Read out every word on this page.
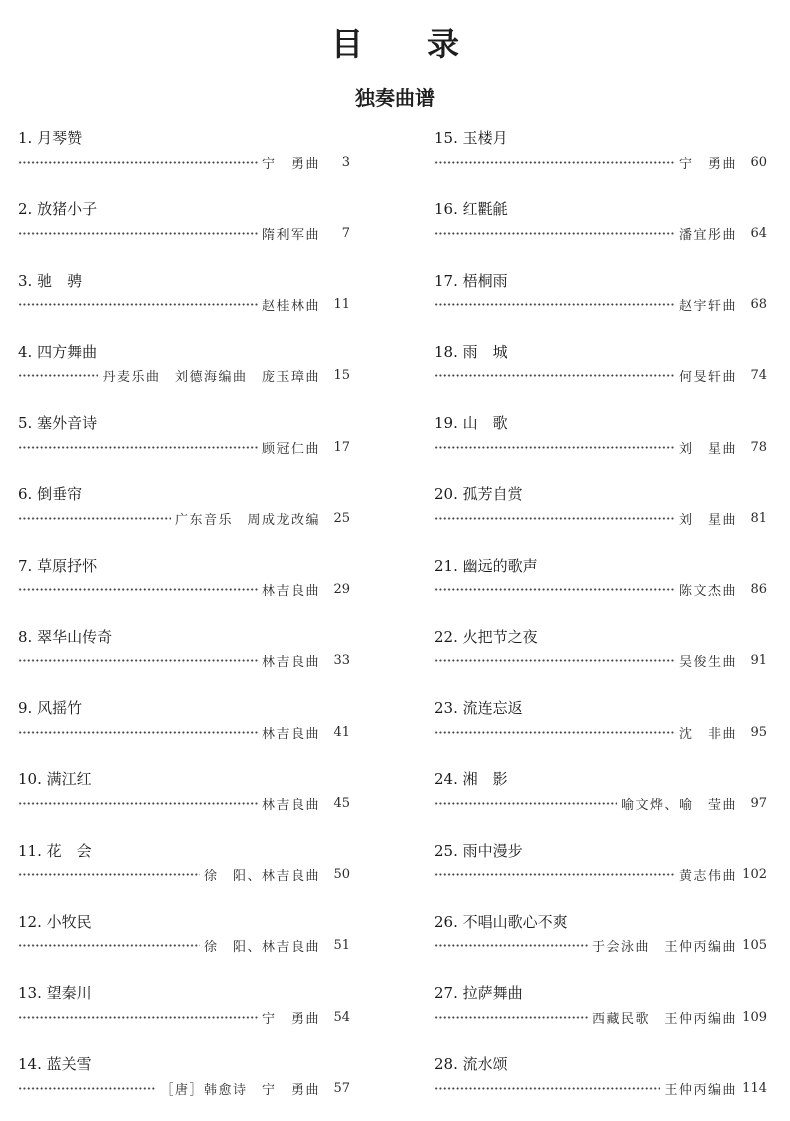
目　录
独奏曲谱
1. 月琴赞
宁　勇曲	3
2. 放猪小子
隋利军曲	7
3. 驰　骋
赵桂林曲	11
4. 四方舞曲
丹麦乐曲　刘德海编曲　庞玉璋曲	15
5. 塞外音诗
顾冠仁曲	17
6. 倒垂帘
广东音乐　周成龙改编	25
7. 草原抒怀
林吉良曲	29
8. 翠华山传奇
林吉良曲	33
9. 风摇竹
林吉良曲	41
10. 满江红
林吉良曲	45
11. 花　会
徐　阳、林吉良曲	50
12. 小牧民
徐　阳、林吉良曲	51
13. 望秦川
宁　勇曲	54
14. 蓝关雪
［唐］韩愈诗　宁　勇曲	57
15. 玉楼月
宁　勇曲	60
16. 红氍毹
潘宜彤曲	64
17. 梧桐雨
赵宇轩曲	68
18. 雨　城
何旻轩曲	74
19. 山　歌
刘　星曲	78
20. 孤芳自赏
刘　星曲	81
21. 幽远的歌声
陈文杰曲	86
22. 火把节之夜
吴俊生曲	91
23. 流连忘返
沈　非曲	95
24. 湘　影
喻文烨、喻　莹曲	97
25. 雨中漫步
黄志伟曲 102
26. 不唱山歌心不爽
于会泳曲　王仲丙编曲 105
27. 拉萨舞曲
西藏民歌　王仲丙编曲 109
28. 流水颂
王仲丙编曲 114
